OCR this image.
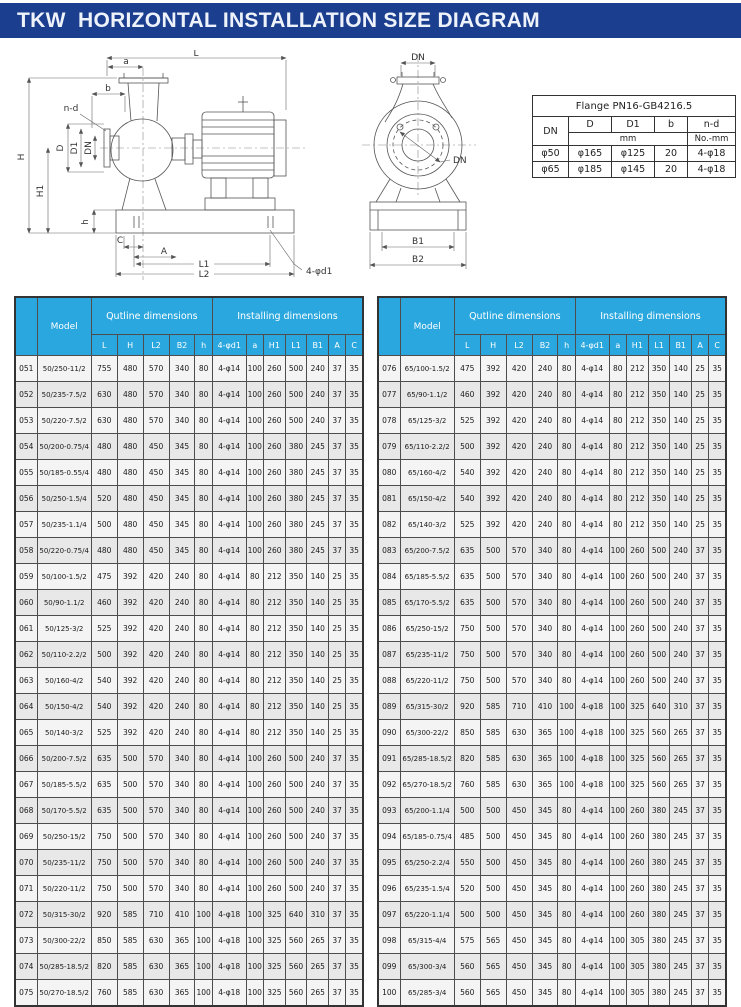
TKW  HORIZONTAL INSTALLATION SIZE DIAGRAM
L
a
b
n-d
H
H1
D D1 DN
h
C
A
L1
L2	4-φd1
DN
DN
B1
B2
Flange PN16-GB4216.5				
DN	D	D1	b	n-d
	mm			No.-mm
φ50	φ165	φ125	20	4-φ18
φ65	φ185	φ145	20	4-φ18
	Model	Qutline dimensions					Installing dimensions						
		L	H	L2	B2	h	4-φd1	a	H1	L1	B1	A	C
051	50/250-11/2	755	480	570	340	80	4-φ14	100	260	500	240	37	35
052	50/235-7.5/2	630	480	570	340	80	4-φ14	100	260	500	240	37	35
053	50/220-7.5/2	630	480	570	340	80	4-φ14	100	260	500	240	37	35
054	50/200-0.75/4	480	480	450	345	80	4-φ14	100	260	380	245	37	35
055	50/185-0.55/4	480	480	450	345	80	4-φ14	100	260	380	245	37	35
056	50/250-1.5/4	520	480	450	345	80	4-φ14	100	260	380	245	37	35
057	50/235-1.1/4	500	480	450	345	80	4-φ14	100	260	380	245	37	35
058	50/220-0.75/4	480	480	450	345	80	4-φ14	100	260	380	245	37	35
059	50/100-1.5/2	475	392	420	240	80	4-φ14	80	212	350	140	25	35
060	50/90-1.1/2	460	392	420	240	80	4-φ14	80	212	350	140	25	35
061	50/125-3/2	525	392	420	240	80	4-φ14	80	212	350	140	25	35
062	50/110-2.2/2	500	392	420	240	80	4-φ14	80	212	350	140	25	35
063	50/160-4/2	540	392	420	240	80	4-φ14	80	212	350	140	25	35
064	50/150-4/2	540	392	420	240	80	4-φ14	80	212	350	140	25	35
065	50/140-3/2	525	392	420	240	80	4-φ14	80	212	350	140	25	35
066	50/200-7.5/2	635	500	570	340	80	4-φ14	100	260	500	240	37	35
067	50/185-5.5/2	635	500	570	340	80	4-φ14	100	260	500	240	37	35
068	50/170-5.5/2	635	500	570	340	80	4-φ14	100	260	500	240	37	35
069	50/250-15/2	750	500	570	340	80	4-φ14	100	260	500	240	37	35
070	50/235-11/2	750	500	570	340	80	4-φ14	100	260	500	240	37	35
071	50/220-11/2	750	500	570	340	80	4-φ14	100	260	500	240	37	35
072	50/315-30/2	920	585	710	410	100	4-φ18	100	325	640	310	37	35
073	50/300-22/2	850	585	630	365	100	4-φ18	100	325	560	265	37	35
074	50/285-18.5/2	820	585	630	365	100	4-φ18	100	325	560	265	37	35
075	50/270-18.5/2	760	585	630	365	100	4-φ18	100	325	560	265	37	35
	Model	Qutline dimensions					Installing dimensions						
		L	H	L2	B2	h	4-φd1	a	H1	L1	B1	A	C
076	65/100-1.5/2	475	392	420	240	80	4-φ14	80	212	350	140	25	35
077	65/90-1.1/2	460	392	420	240	80	4-φ14	80	212	350	140	25	35
078	65/125-3/2	525	392	420	240	80	4-φ14	80	212	350	140	25	35
079	65/110-2.2/2	500	392	420	240	80	4-φ14	80	212	350	140	25	35
080	65/160-4/2	540	392	420	240	80	4-φ14	80	212	350	140	25	35
081	65/150-4/2	540	392	420	240	80	4-φ14	80	212	350	140	25	35
082	65/140-3/2	525	392	420	240	80	4-φ14	80	212	350	140	25	35
083	65/200-7.5/2	635	500	570	340	80	4-φ14	100	260	500	240	37	35
084	65/185-5.5/2	635	500	570	340	80	4-φ14	100	260	500	240	37	35
085	65/170-5.5/2	635	500	570	340	80	4-φ14	100	260	500	240	37	35
086	65/250-15/2	750	500	570	340	80	4-φ14	100	260	500	240	37	35
087	65/235-11/2	750	500	570	340	80	4-φ14	100	260	500	240	37	35
088	65/220-11/2	750	500	570	340	80	4-φ14	100	260	500	240	37	35
089	65/315-30/2	920	585	710	410	100	4-φ18	100	325	640	310	37	35
090	65/300-22/2	850	585	630	365	100	4-φ18	100	325	560	265	37	35
091	65/285-18.5/2	820	585	630	365	100	4-φ18	100	325	560	265	37	35
092	65/270-18.5/2	760	585	630	365	100	4-φ18	100	325	560	265	37	35
093	65/200-1.1/4	500	500	450	345	80	4-φ14	100	260	380	245	37	35
094	65/185-0.75/4	485	500	450	345	80	4-φ14	100	260	380	245	37	35
095	65/250-2.2/4	550	500	450	345	80	4-φ14	100	260	380	245	37	35
096	65/235-1.5/4	520	500	450	345	80	4-φ14	100	260	380	245	37	35
097	65/220-1.1/4	500	500	450	345	80	4-φ14	100	260	380	245	37	35
098	65/315-4/4	575	565	450	345	80	4-φ14	100	305	380	245	37	35
099	65/300-3/4	560	565	450	345	80	4-φ14	100	305	380	245	37	35
100	65/285-3/4	560	565	450	345	80	4-φ14	100	305	380	245	37	35
